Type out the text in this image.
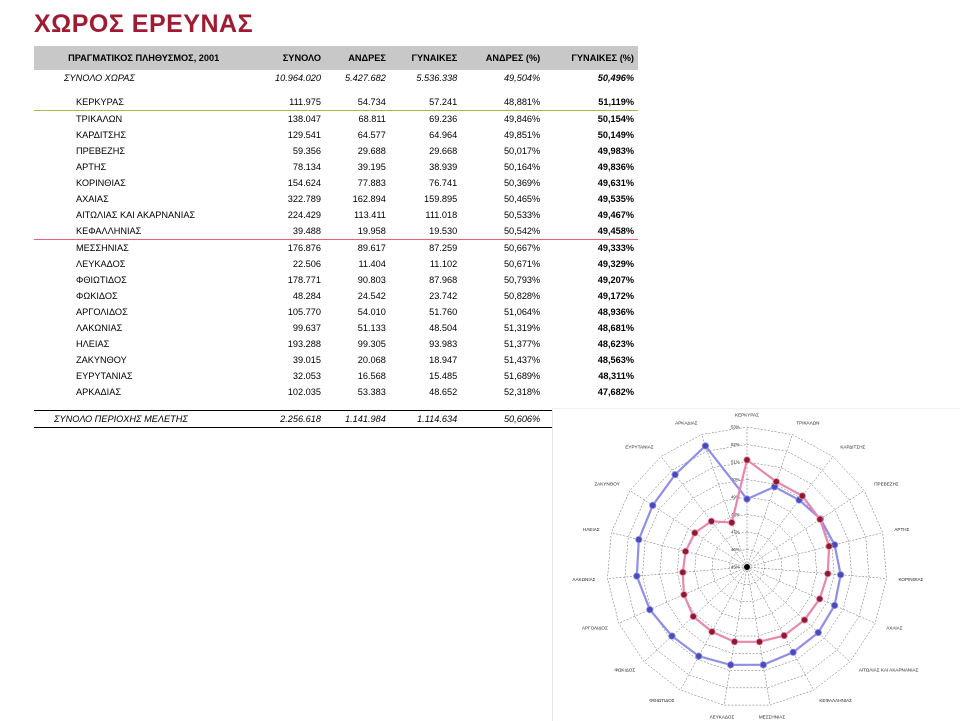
ΧΩΡΟΣ ΕΡΕΥΝΑΣ
ΠΡΑΓΜΑΤΙΚΟΣ ΠΛΗΘΥΣΜΟΣ, 2001	ΣΥΝΟΛΟ	ΑΝΔΡΕΣ	ΓΥΝΑΙΚΕΣ	ΑΝΔΡΕΣ (%)	ΓΥΝΑΙΚΕΣ (%)
ΣΥΝΟΛΟ ΧΩΡΑΣ	10.964.020	5.427.682	5.536.338	49,504%	50,496%

ΚΕΡΚΥΡΑΣ	111.975	54.734	57.241	48,881%	51,119%
ΤΡΙΚΑΛΩΝ	138.047	68.811	69.236	49,846%	50,154%
ΚΑΡΔΙΤΣΗΣ	129.541	64.577	64.964	49,851%	50,149%
ΠΡΕΒΕΖΗΣ	59.356	29.688	29.668	50,017%	49,983%
ΑΡΤΗΣ	78.134	39.195	38.939	50,164%	49,836%
ΚΟΡΙΝΘΙΑΣ	154.624	77.883	76.741	50,369%	49,631%
ΑΧΑΙΑΣ	322.789	162.894	159.895	50,465%	49,535%
ΑΙΤΩΛΙΑΣ ΚΑΙ ΑΚΑΡΝΑΝΙΑΣ	224.429	113.411	111.018	50,533%	49,467%
ΚΕΦΑΛΛΗΝΙΑΣ	39.488	19.958	19.530	50,542%	49,458%
ΜΕΣΣΗΝΙΑΣ	176.876	89.617	87.259	50,667%	49,333%
ΛΕΥΚΑΔΟΣ	22.506	11.404	11.102	50,671%	49,329%
ΦΘΙΩΤΙΔΟΣ	178.771	90.803	87.968	50,793%	49,207%
ΦΩΚΙΔΟΣ	48.284	24.542	23.742	50,828%	49,172%
ΑΡΓΟΛΙΔΟΣ	105.770	54.010	51.760	51,064%	48,936%
ΛΑΚΩΝΙΑΣ	99.637	51.133	48.504	51,319%	48,681%
ΗΛΕΙΑΣ	193.288	99.305	93.983	51,377%	48,623%
ΖΑΚΥΝΘΟΥ	39.015	20.068	18.947	51,437%	48,563%
ΕΥΡΥΤΑΝΙΑΣ	32.053	16.568	15.485	51,689%	48,311%
ΑΡΚΑΔΙΑΣ	102.035	53.383	48.652	52,318%	47,682%

ΣΥΝΟΛΟ ΠΕΡΙΟΧΗΣ ΜΕΛΕΤΗΣ	2.256.618	1.141.984	1.114.634	50,606%	
45%
46%
47%
48%
49%
50%
51%
52%
53%
ΚΕΡΚΥΡΑΣ
ΤΡΙΚΑΛΩΝ
ΚΑΡΔΙΤΣΗΣ
ΠΡΕΒΕΖΗΣ
ΑΡΤΗΣ
ΚΟΡΙΝΘΙΑΣ
ΑΧΑΙΑΣ
ΑΙΤΩΛΙΑΣ ΚΑΙ ΑΚΑΡΝΑΝΙΑΣ
ΚΕΦΑΛΛΗΝΙΑΣ
ΜΕΣΣΗΝΙΑΣ
ΛΕΥΚΑΔΟΣ
ΦΘΙΩΤΙΔΟΣ
ΦΩΚΙΔΟΣ
ΑΡΓΟΛΙΔΟΣ
ΛΑΚΩΝΙΑΣ
ΗΛΕΙΑΣ
ΖΑΚΥΝΘΟΥ
ΕΥΡΥΤΑΝΙΑΣ
ΑΡΚΑΔΙΑΣ
